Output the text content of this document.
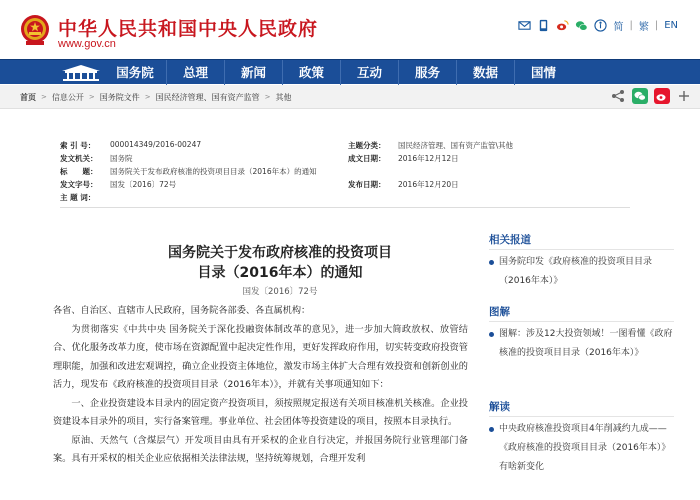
中华人民共和国中央人民政府
www.gov.cn
简 | 繁 | EN
国务院	总理	新闻	政策	互动	服务	数据	国情
首页 > 信息公开 > 国务院文件 > 国民经济管理、国有资产监管 > 其他
索 引 号：	000014349/2016-00247	主题分类：	国民经济管理、国有资产监管\其他
发文机关：	国务院	成文日期：	2016年12月12日
标　　题：	国务院关于发布政府核准的投资项目目录（2016年本）的通知
发文字号：	国发〔2016〕72号	发布日期：	2016年12月20日
主 题 词：
国务院关于发布政府核准的投资项目
目录（2016年本）的通知
国发〔2016〕72号

各省、自治区、直辖市人民政府，国务院各部委、各直属机构：

为贯彻落实《中共中央 国务院关于深化投融资体制改革的意见》，进一步加大简政放权、放管结合、优化服务改革力度，使市场在资源配置中起决定性作用，更好发挥政府作用，切实转变政府投资管理职能，加强和改进宏观调控，确立企业投资主体地位，激发市场主体扩大合理有效投资和创新创业的活力，现发布《政府核准的投资项目目录（2016年本）》，并就有关事项通知如下：

一、企业投资建设本目录内的固定资产投资项目，须按照规定报送有关项目核准机关核准。企业投资建设本目录外的项目，实行备案管理。事业单位、社会团体等投资建设的项目，按照本目录执行。

原油、天然气（含煤层气）开发项目由具有开采权的企业自行决定，并报国务院行业管理部门备案。具有开采权的相关企业应依据相关法律法规，坚持统筹规划，合理开发利

相关报道
国务院印发《政府核准的投资项目目录（2016年本）》
图解
图解：涉及12大投资领域！一图看懂《政府核准的投资项目目录（2016年本）》
解读
中央政府核准投资项目4年削减约九成——《政府核准的投资项目目录（2016年本）》有啥新变化
